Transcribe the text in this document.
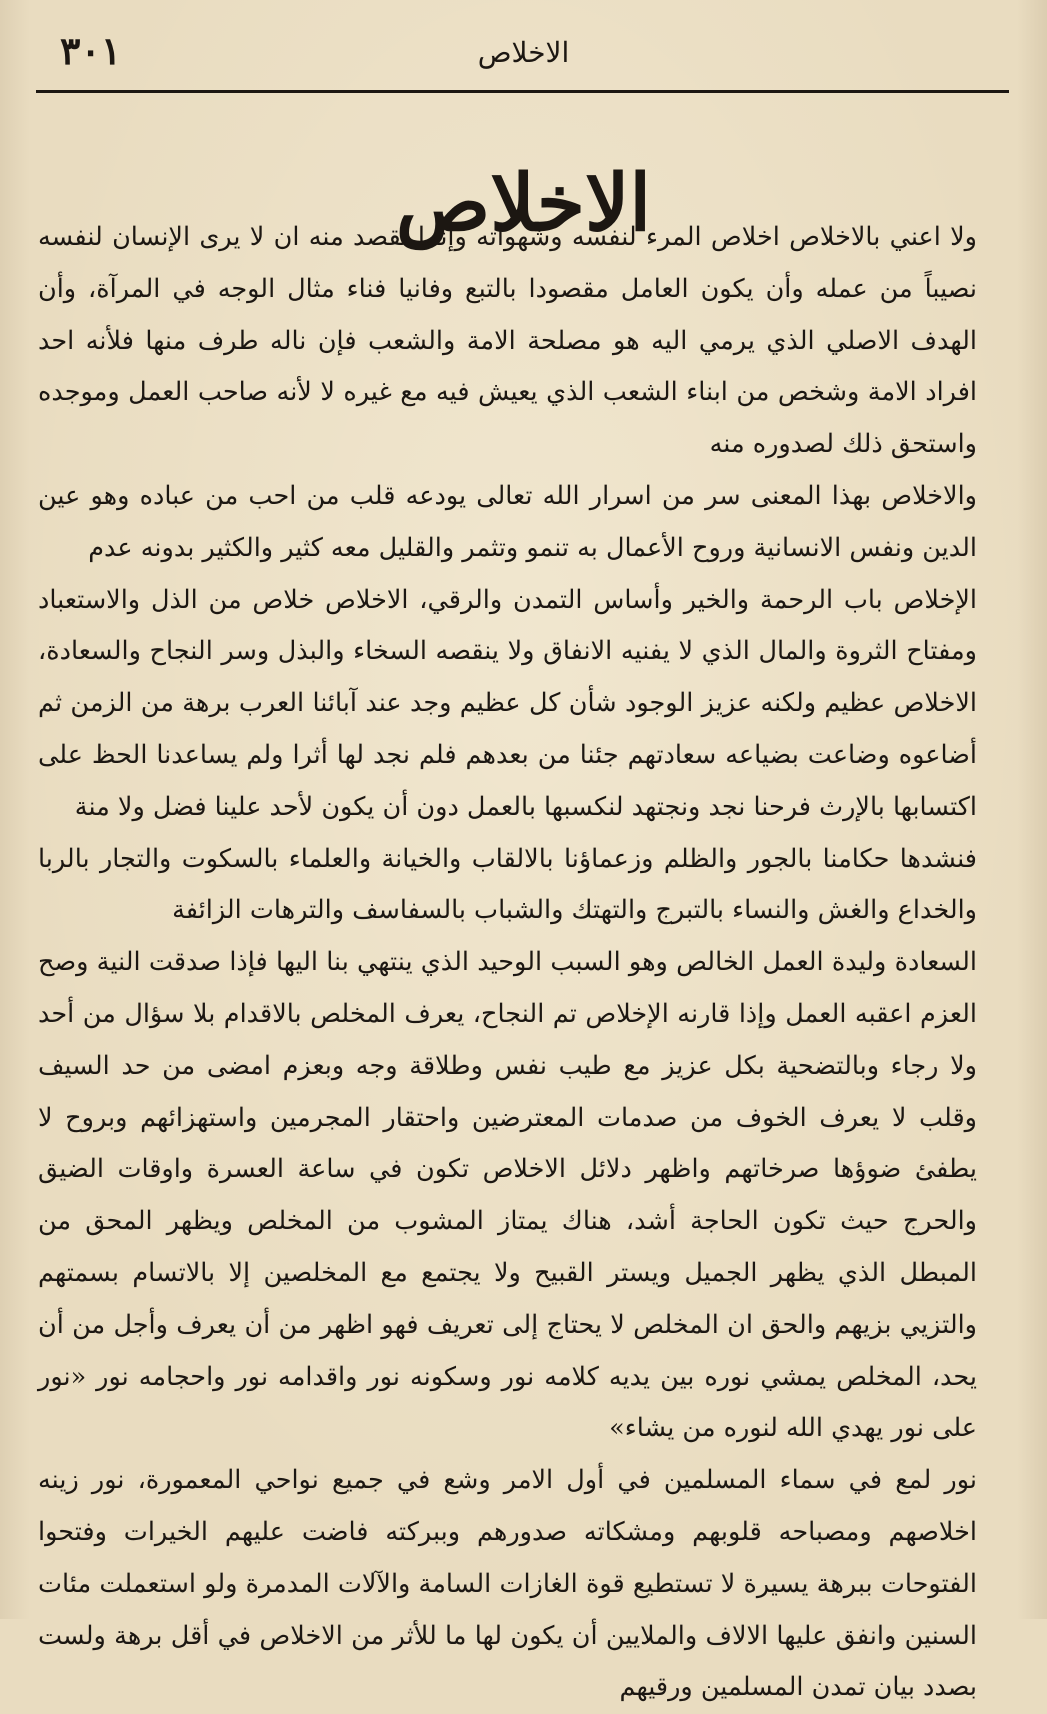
٣٠١	الاخلاص
الاخلاص

ولا اعني بالاخلاص اخلاص المرء لنفسه وشهواته وإنما نقصد منه ان لا يرى الإنسان لنفسه نصيباً من عمله وأن يكون العامل مقصودا بالتبع وفانيا فناء مثال الوجه في المرآة، وأن الهدف الاصلي الذي يرمي اليه هو مصلحة الامة والشعب فإن ناله طرف منها فلأنه احد افراد الامة وشخص من ابناء الشعب الذي يعيش فيه مع غيره لا لأنه صاحب العمل وموجده واستحق ذلك لصدوره منه

والاخلاص بهذا المعنى سر من اسرار الله تعالى يودعه قلب من احب من عباده وهو عين الدين ونفس الانسانية وروح الأعمال به تنمو وتثمر والقليل معه كثير والكثير بدونه عدم

الإخلاص باب الرحمة والخير وأساس التمدن والرقي، الاخلاص خلاص من الذل والاستعباد ومفتاح الثروة والمال الذي لا يفنيه الانفاق ولا ينقصه السخاء والبذل وسر النجاح والسعادة، الاخلاص عظيم ولكنه عزيز الوجود شأن كل عظيم وجد عند آبائنا العرب برهة من الزمن ثم أضاعوه وضاعت بضياعه سعادتهم جئنا من بعدهم فلم نجد لها أثرا ولم يساعدنا الحظ على اكتسابها بالإرث فرحنا نجد ونجتهد لنكسبها بالعمل دون أن يكون لأحد علينا فضل ولا منة

فنشدها حكامنا بالجور والظلم وزعماؤنا بالالقاب والخيانة والعلماء بالسكوت والتجار بالربا والخداع والغش والنساء بالتبرج والتهتك والشباب بالسفاسف والترهات الزائفة

السعادة وليدة العمل الخالص وهو السبب الوحيد الذي ينتهي بنا اليها فإذا صدقت النية وصح العزم اعقبه العمل وإذا قارنه الإخلاص تم النجاح، يعرف المخلص بالاقدام بلا سؤال من أحد ولا رجاء وبالتضحية بكل عزيز مع طيب نفس وطلاقة وجه وبعزم امضى من حد السيف وقلب لا يعرف الخوف من صدمات المعترضين واحتقار المجرمين واستهزائهم وبروح لا يطفئ ضوؤها صرخاتهم واظهر دلائل الاخلاص تكون في ساعة العسرة واوقات الضيق والحرج حيث تكون الحاجة أشد، هناك يمتاز المشوب من المخلص ويظهر المحق من المبطل الذي يظهر الجميل ويستر القبيح ولا يجتمع مع المخلصين إلا بالاتسام بسمتهم والتزيي بزيهم والحق ان المخلص لا يحتاج إلى تعريف فهو اظهر من أن يعرف وأجل من أن يحد، المخلص يمشي نوره بين يديه كلامه نور وسكونه نور واقدامه نور واحجامه نور «نور على نور يهدي الله لنوره من يشاء»

نور لمع في سماء المسلمين في أول الامر وشع في جميع نواحي المعمورة، نور زينه اخلاصهم ومصباحه قلوبهم ومشكاته صدورهم وببركته فاضت عليهم الخيرات وفتحوا الفتوحات ببرهة يسيرة لا تستطيع قوة الغازات السامة والآلات المدمرة ولو استعملت مئات السنين وانفق عليها الالاف والملايين أن يكون لها ما للأثر من الاخلاص في أقل برهة ولست بصدد بيان تمدن المسلمين ورقيهم
